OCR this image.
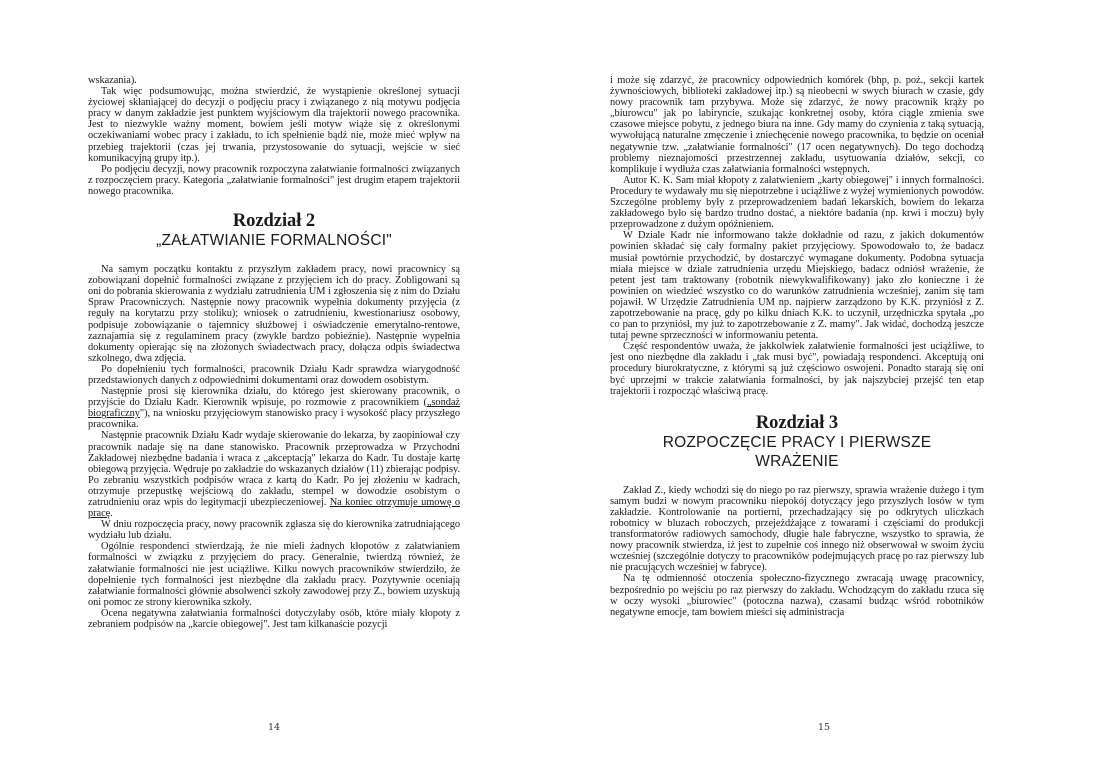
wskazania).

Tak więc podsumowując, można stwierdzić, że wystąpienie określonej sytuacji życiowej skłaniającej do decyzji o podjęciu pracy i związanego z nią motywu podjęcia pracy w danym zakładzie jest punktem wyjściowym dla trajektorii nowego pracownika. Jest to niezwykle ważny moment, bowiem jeśli motyw wiąże się z określonymi oczekiwaniami wobec pracy i zakładu, to ich spełnienie bądź nie, może mieć wpływ na przebieg trajektorii (czas jej trwania, przystosowanie do sytuacji, wejście w sieć komunikacyjną grupy itp.).

Po podjęciu decyzji, nowy pracownik rozpoczyna załatwianie formalności związanych z rozpoczęciem pracy. Kategoria „załatwianie formalności" jest drugim etapem trajektorii nowego pracownika.

Rozdział 2
„ZAŁATWIANIE FORMALNOŚCI"

Na samym początku kontaktu z przyszłym zakładem pracy, nowi pracownicy są zobowiązani dopełnić formalności związane z przyjęciem ich do pracy. Zobligowani są oni do pobrania skierowania z wydziału zatrudnienia UM i zgłoszenia się z nim do Działu Spraw Pracowniczych. Następnie nowy pracownik wypełnia dokumenty przyjęcia (z reguły na korytarzu przy stoliku); wniosek o zatrudnieniu, kwestionariusz osobowy, podpisuje zobowiązanie o tajemnicy służbowej i oświadczenie emerytalno-rentowe, zaznajamia się z regulaminem pracy (zwykle bardzo pobieżnie). Następnie wypełnia dokumenty opierając się na złożonych świadectwach pracy, dołącza odpis świadectwa szkolnego, dwa zdjęcia.

Po dopełnieniu tych formalności, pracownik Działu Kadr sprawdza wiarygodność przedstawionych danych z odpowiednimi dokumentami oraz dowodem osobistym.

Następnie prosi się kierownika działu, do którego jest skierowany pracownik, o przyjście do Działu Kadr. Kierownik wpisuje, po rozmowie z pracownikiem („sondaż biograficzny"), na wniosku przyjęciowym stanowisko pracy i wysokość płacy przyszłego pracownika.

Następnie pracownik Działu Kadr wydaje skierowanie do lekarza, by zaopiniował czy pracownik nadaje się na dane stanowisko. Pracownik przeprowadza w Przychodni Zakładowej niezbędne badania i wraca z „akceptacją" lekarza do Kadr. Tu dostaje kartę obiegową przyjęcia. Wędruje po zakładzie do wskazanych działów (11) zbierając podpisy. Po zebraniu wszystkich podpisów wraca z kartą do Kadr. Po jej złożeniu w kadrach, otrzymuje przepustkę wejściową do zakładu, stempel w dowodzie osobistym o zatrudnieniu oraz wpis do legitymacji ubezpieczeniowej. Na koniec otrzymuje umowę o pracę.

W dniu rozpoczęcia pracy, nowy pracownik zgłasza się do kierownika zatrudniającego wydziału lub działu.

Ogólnie respondenci stwierdzają, że nie mieli żadnych kłopotów z załatwianiem formalności w związku z przyjęciem do pracy. Generalnie, twierdzą również, że załatwianie formalności nie jest uciążliwe. Kilku nowych pracowników stwierdziło, że dopełnienie tych formalności jest niezbędne dla zakładu pracy. Pozytywnie oceniają załatwianie formalności głównie absolwenci szkoły zawodowej przy Z., bowiem uzyskują oni pomoc ze strony kierownika szkoły.

Ocena negatywna załatwiania formalności dotyczyłaby osób, które miały kłopoty z zebraniem podpisów na „karcie obiegowej". Jest tam kilkanaście pozycji

14

i może się zdarzyć, że pracownicy odpowiednich komórek (bhp, p. poż., sekcji kartek żywnościowych, biblioteki zakładowej itp.) są nieobecni w swych biurach w czasie, gdy nowy pracownik tam przybywa. Może się zdarzyć, że nowy pracownik krąży po „biurowcu" jak po labiryncie, szukając konkretnej osoby, która ciągle zmienia swe czasowe miejsce pobytu, z jednego biura na inne. Gdy mamy do czynienia z taką sytuacją, wywołującą naturalne zmęczenie i zniechęcenie nowego pracownika, to będzie on oceniał negatywnie tzw. „załatwianie formalności" (17 ocen negatywnych). Do tego dochodzą problemy nieznajomości przestrzennej zakładu, usytuowania działów, sekcji, co komplikuje i wydłuża czas załatwiania formalności wstępnych.

Autor K. K. Sam miał kłopoty z załatwieniem „karty obiegowej" i innych formalności. Procedury te wydawały mu się niepotrzebne i uciążliwe z wyżej wymienionych powodów. Szczególne problemy były z przeprowadzeniem badań lekarskich, bowiem do lekarza zakładowego było się bardzo trudno dostać, a niektóre badania (np. krwi i moczu) były przeprowadzone z dużym opóźnieniem.

W Dziale Kadr nie informowano także dokładnie od razu, z jakich dokumentów powinien składać się cały formalny pakiet przyjęciowy. Spowodowało to, że badacz musiał powtórnie przychodzić, by dostarczyć wymagane dokumenty. Podobna sytuacja miała miejsce w dziale zatrudnienia urzędu Miejskiego, badacz odniósł wrażenie, że petent jest tam traktowany (robotnik niewykwalifikowany) jako zło konieczne i że powinien on wiedzieć wszystko co do warunków zatrudnienia wcześniej, zanim się tam pojawił. W Urzędzie Zatrudnienia UM np. najpierw zarządzono by K.K. przyniósł z Z. zapotrzebowanie na pracę, gdy po kilku dniach K.K. to uczynił, urzędniczka spytała „po co pan to przyniósł, my już to zapotrzebowanie z Z. mamy". Jak widać, dochodzą jeszcze tutaj pewne sprzeczności w informowaniu petenta.

Część respondentów uważa, że jakkolwiek załatwienie formalności jest uciążliwe, to jest ono niezbędne dla zakładu i „tak musi być", powiadają respondenci. Akceptują oni procedury biurokratyczne, z którymi są już częściowo oswojeni. Ponadto starają się oni być uprzejmi w trakcie załatwiania formalności, by jak najszybciej przejść ten etap trajektorii i rozpocząć właściwą pracę.

Rozdział 3
ROZPOCZĘCIE PRACY I PIERWSZE
WRAŻENIE

Zakład Z., kiedy wchodzi się do niego po raz pierwszy, sprawia wrażenie dużego i tym samym budzi w nowym pracowniku niepokój dotyczący jego przyszłych losów w tym zakładzie. Kontrolowanie na portierni, przechadzający się po odkrytych uliczkach robotnicy w bluzach roboczych, przejeżdżające z towarami i częściami do produkcji transformatorów radiowych samochody, długie hale fabryczne, wszystko to sprawia, że nowy pracownik stwierdza, iż jest to zupełnie coś innego niż obserwował w swoim życiu wcześniej (szczególnie dotyczy to pracowników podejmujących pracę po raz pierwszy lub nie pracujących wcześniej w fabryce).

Na tę odmienność otoczenia społeczno-fizycznego zwracają uwagę pracownicy, bezpośrednio po wejściu po raz pierwszy do zakładu. Wchodzącym do zakładu rzuca się w oczy wysoki „biurowiec" (potoczna nazwa), czasami budząc wśród robotników negatywne emocje, tam bowiem mieści się administracja

15
